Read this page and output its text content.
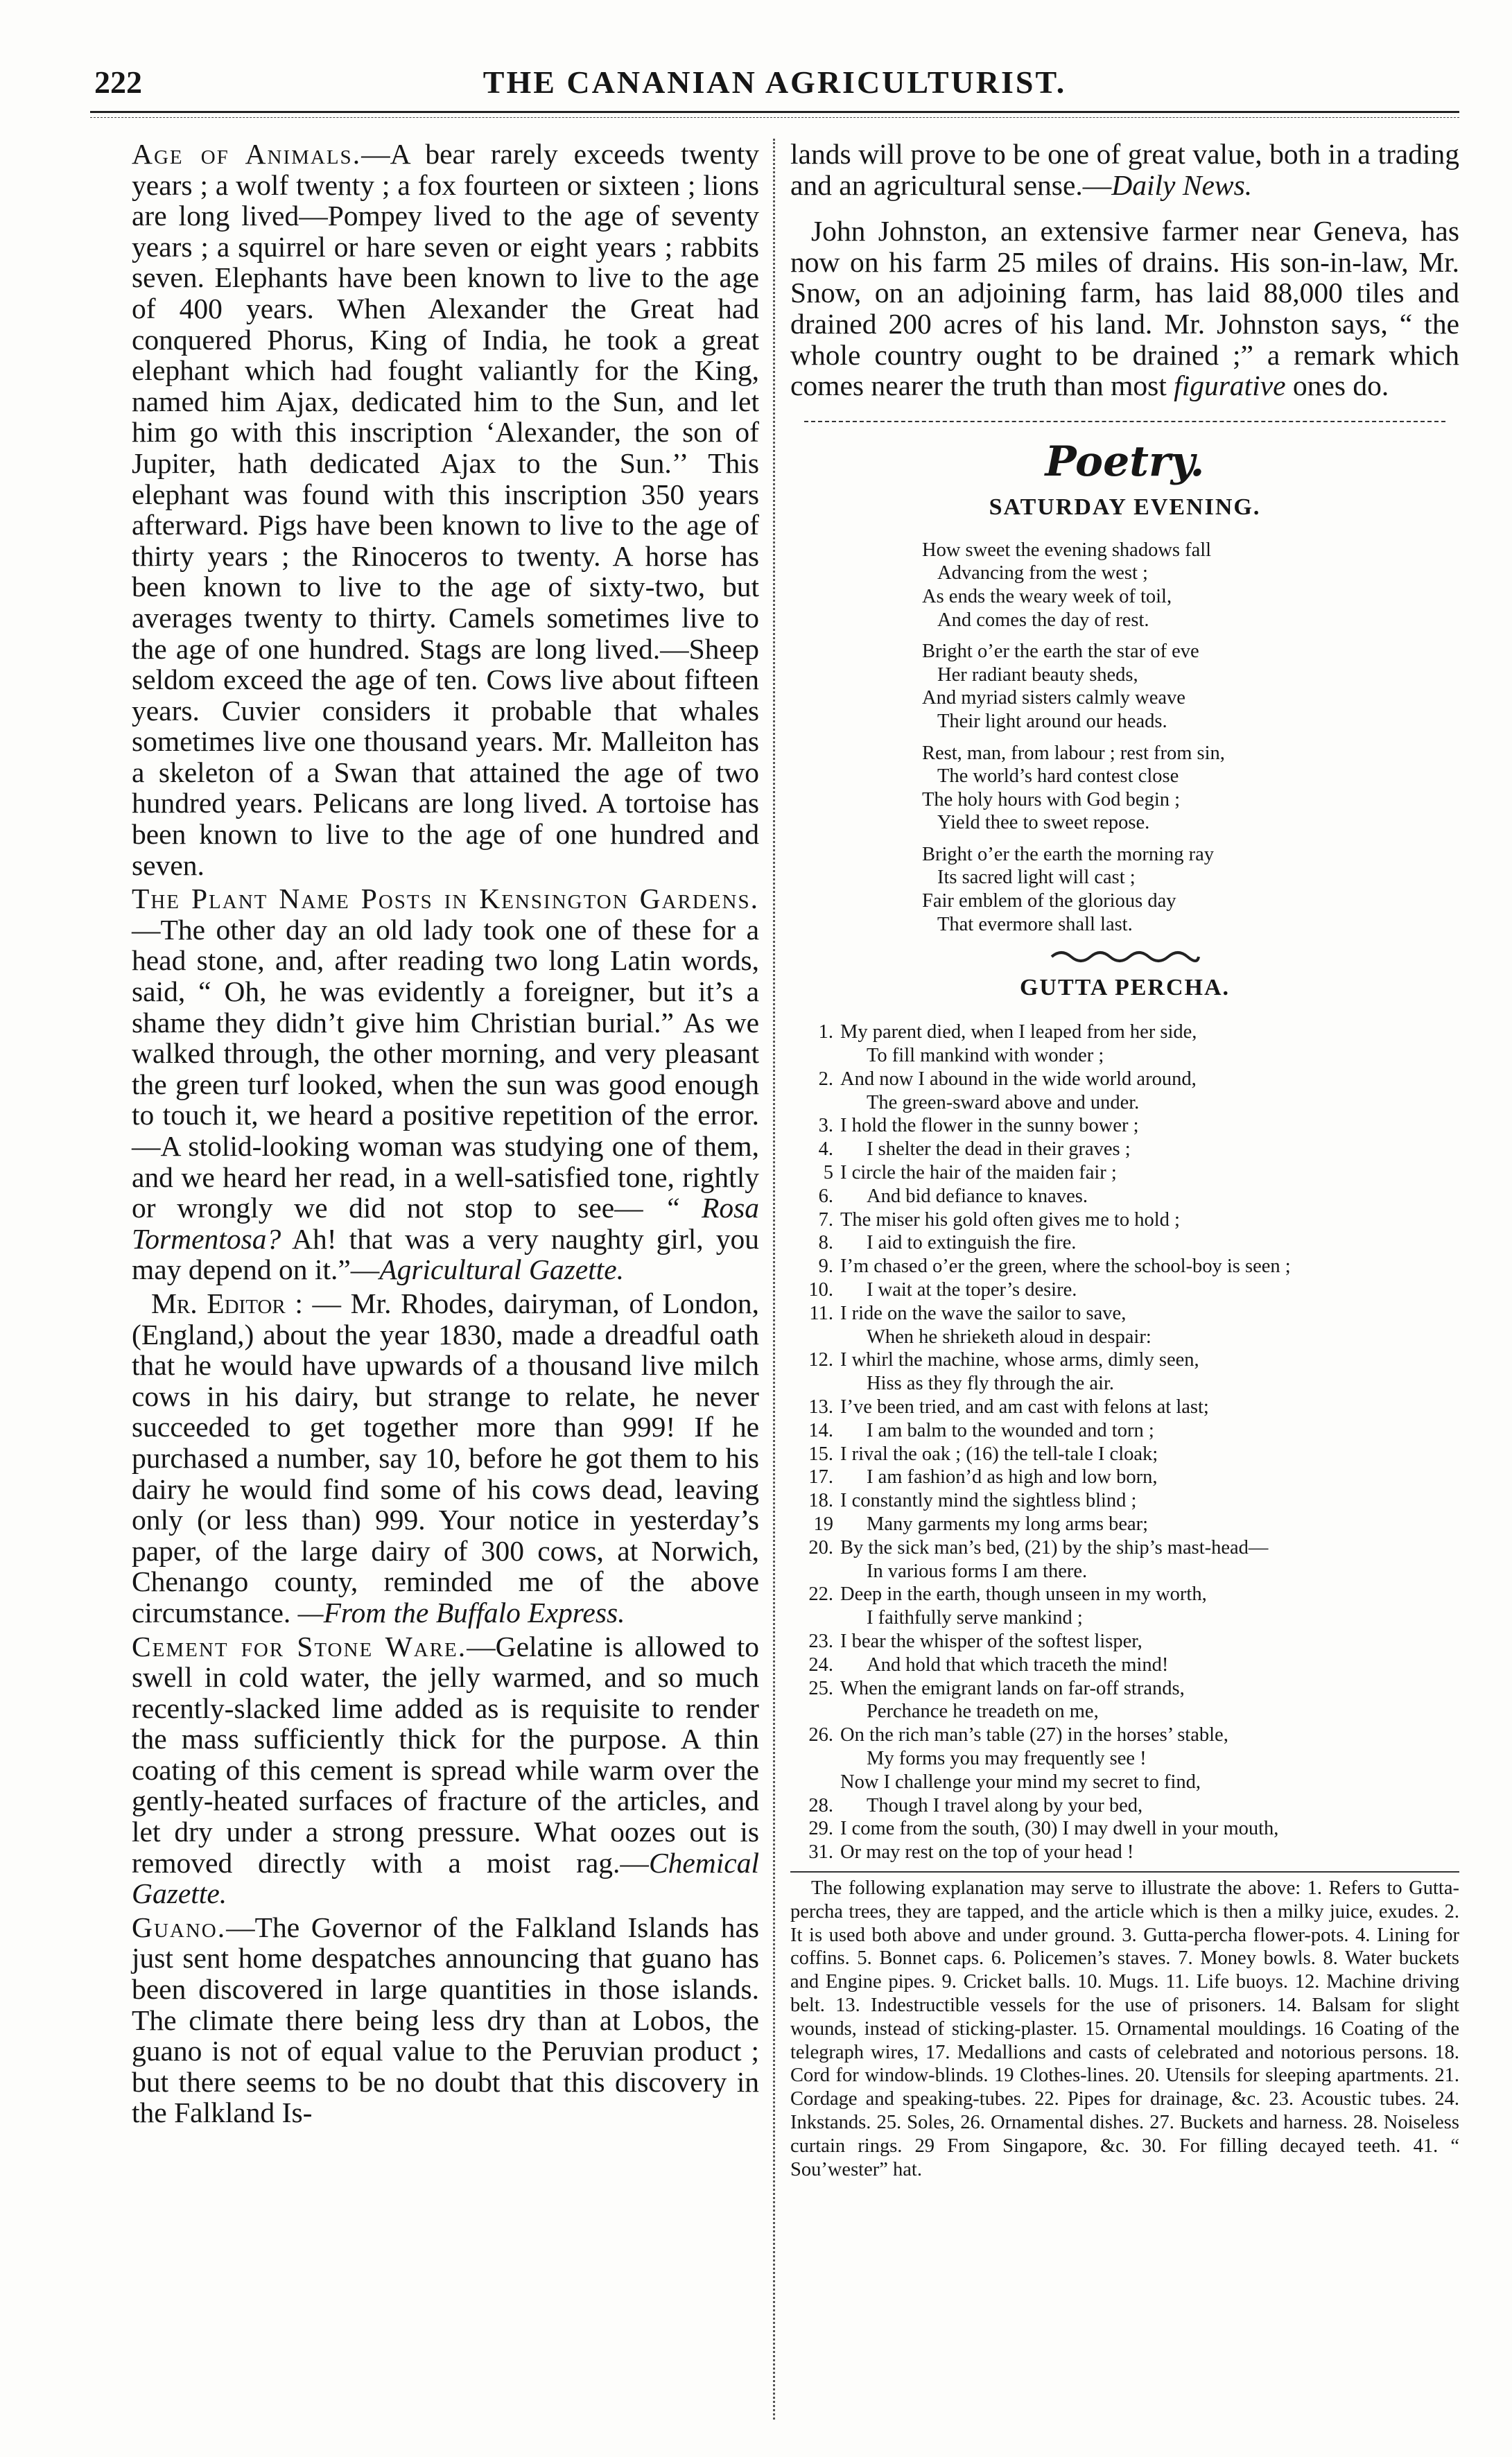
222	THE CANANIAN AGRICULTURIST.

Age of Animals.—A bear rarely exceeds twenty years ; a wolf twenty ; a fox fourteen or sixteen ; lions are long lived—Pompey lived to the age of seventy years ; a squirrel or hare seven or eight years ; rabbits seven. Elephants have been known to live to the age of 400 years. When Alexander the Great had conquered Phorus, King of India, he took a great elephant which had fought valiantly for the King, named him Ajax, dedicated him to the Sun, and let him go with this inscription ‘Alexander, the son of Jupiter, hath dedicated Ajax to the Sun.’’ This elephant was found with this inscription 350 years afterward. Pigs have been known to live to the age of thirty years ; the Rinoceros to twenty. A horse has been known to live to the age of sixty-two, but averages twenty to thirty. Camels sometimes live to the age of one hundred. Stags are long lived.—Sheep seldom exceed the age of ten. Cows live about fifteen years. Cuvier considers it probable that whales sometimes live one thousand years. Mr. Malleiton has a skeleton of a Swan that attained the age of two hundred years. Pelicans are long lived. A tortoise has been known to live to the age of one hundred and seven.

The Plant Name Posts in Kensington Gardens.—The other day an old lady took one of these for a head stone, and, after reading two long Latin words, said, “ Oh, he was evidently a foreigner, but it’s a shame they didn’t give him Christian burial.” As we walked through, the other morning, and very pleasant the green turf looked, when the sun was good enough to touch it, we heard a positive repetition of the error.—A stolid-looking woman was studying one of them, and we heard her read, in a well-satisfied tone, rightly or wrongly we did not stop to see— “ Rosa Tormentosa? Ah! that was a very naughty girl, you may depend on it.”—Agricultural Gazette.

Mr. Editor : — Mr. Rhodes, dairyman, of London, (England,) about the year 1830, made a dreadful oath that he would have upwards of a thousand live milch cows in his dairy, but strange to relate, he never succeeded to get together more than 999! If he purchased a number, say 10, before he got them to his dairy he would find some of his cows dead, leaving only (or less than) 999. Your notice in yesterday’s paper, of the large dairy of 300 cows, at Norwich, Chenango county, reminded me of the above circumstance. —From the Buffalo Express.

Cement for Stone Ware.—Gelatine is allowed to swell in cold water, the jelly warmed, and so much recently-slacked lime added as is requisite to render the mass sufficiently thick for the purpose. A thin coating of this cement is spread while warm over the gently-heated surfaces of fracture of the articles, and let dry under a strong pressure. What oozes out is removed directly with a moist rag.—Chemical Gazette.

Guano.—The Governor of the Falkland Islands has just sent home despatches announcing that guano has been discovered in large quantities in those islands. The climate there being less dry than at Lobos, the guano is not of equal value to the Peruvian product ; but there seems to be no doubt that this discovery in the Falkland Is-

lands will prove to be one of great value, both in a trading and an agricultural sense.—Daily News.

John Johnston, an extensive farmer near Geneva, has now on his farm 25 miles of drains. His son-in-law, Mr. Snow, on an adjoining farm, has laid 88,000 tiles and drained 200 acres of his land. Mr. Johnston says, “ the whole country ought to be drained ;” a remark which comes nearer the truth than most figurative ones do.

Poetry.
SATURDAY EVENING.
How sweet the evening shadows fall
Advancing from the west ;
As ends the weary week of toil,
And comes the day of rest.
Bright o’er the earth the star of eve
Her radiant beauty sheds,
And myriad sisters calmly weave
Their light around our heads.
Rest, man, from labour ; rest from sin,
The world’s hard contest close
The holy hours with God begin ;
Yield thee to sweet repose.
Bright o’er the earth the morning ray
Its sacred light will cast ;
Fair emblem of the glorious day
That evermore shall last.
GUTTA PERCHA.
1. My parent died, when I leaped from her side,
To fill mankind with wonder ;
2. And now I abound in the wide world around,
The green-sward above and under.
3. I hold the flower in the sunny bower ;
4. I shelter the dead in their graves ;
5 I circle the hair of the maiden fair ;
6. And bid defiance to knaves.
7. The miser his gold often gives me to hold ;
8. I aid to extinguish the fire.
9. I’m chased o’er the green, where the school-boy is seen ;
10. I wait at the toper’s desire.
11. I ride on the wave the sailor to save,
When he shrieketh aloud in despair:
12. I whirl the machine, whose arms, dimly seen,
Hiss as they fly through the air.
13. I’ve been tried, and am cast with felons at last;
14. I am balm to the wounded and torn ;
15. I rival the oak ; (16) the tell-tale I cloak;
17. I am fashion’d as high and low born,
18. I constantly mind the sightless blind ;
19 Many garments my long arms bear;
20. By the sick man’s bed, (21) by the ship’s mast-head—
In various forms I am there.
22. Deep in the earth, though unseen in my worth,
I faithfully serve mankind ;
23. I bear the whisper of the softest lisper,
24. And hold that which traceth the mind!
25. When the emigrant lands on far-off strands,
Perchance he treadeth on me,
26. On the rich man’s table (27) in the horses’ stable,
My forms you may frequently see !
Now I challenge your mind my secret to find,
28. Though I travel along by your bed,
29. I come from the south, (30) I may dwell in your mouth,
31. Or may rest on the top of your head !
The following explanation may serve to illustrate the above: 1. Refers to Gutta-percha trees, they are tapped, and the article which is then a milky juice, exudes. 2. It is used both above and under ground. 3. Gutta-percha flower-pots. 4. Lining for coffins. 5. Bonnet caps. 6. Policemen’s staves. 7. Money bowls. 8. Water buckets and Engine pipes. 9. Cricket balls. 10. Mugs. 11. Life buoys. 12. Machine driving belt. 13. Indestructible vessels for the use of prisoners. 14. Balsam for slight wounds, instead of sticking-plaster. 15. Ornamental mouldings. 16 Coating of the telegraph wires, 17. Medallions and casts of celebrated and notorious persons. 18. Cord for window-blinds. 19 Clothes-lines. 20. Utensils for sleeping apartments. 21. Cordage and speaking-tubes. 22. Pipes for drainage, &c. 23. Acoustic tubes. 24. Inkstands. 25. Soles, 26. Ornamental dishes. 27. Buckets and harness. 28. Noiseless curtain rings. 29 From Singapore, &c. 30. For filling decayed teeth. 41. “ Sou’wester” hat.
